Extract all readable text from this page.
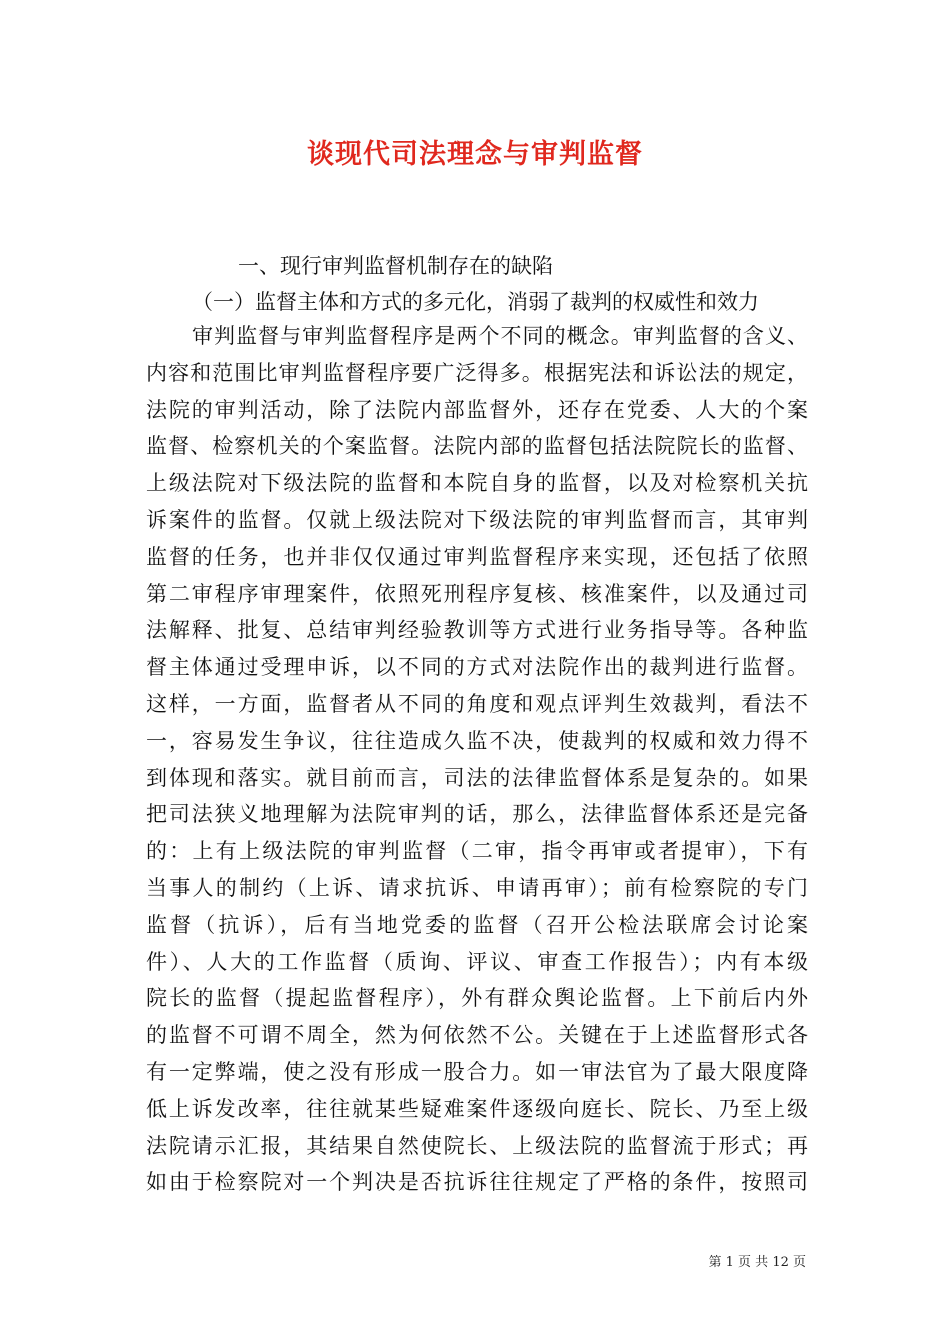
谈现代司法理念与审判监督

一、现行审判监督机制存在的缺陷

（一）监督主体和方式的多元化，消弱了裁判的权威性和效力

审判监督与审判监督程序是两个不同的概念。审判监督的含义、
内容和范围比审判监督程序要广泛得多。根据宪法和诉讼法的规定，
法院的审判活动，除了法院内部监督外，还存在党委、人大的个案
监督、检察机关的个案监督。法院内部的监督包括法院院长的监督、
上级法院对下级法院的监督和本院自身的监督，以及对检察机关抗
诉案件的监督。仅就上级法院对下级法院的审判监督而言，其审判
监督的任务，也并非仅仅通过审判监督程序来实现，还包括了依照
第二审程序审理案件，依照死刑程序复核、核准案件，以及通过司
法解释、批复、总结审判经验教训等方式进行业务指导等。各种监
督主体通过受理申诉，以不同的方式对法院作出的裁判进行监督。
这样，一方面，监督者从不同的角度和观点评判生效裁判，看法不
一，容易发生争议，往往造成久监不决，使裁判的权威和效力得不
到体现和落实。就目前而言，司法的法律监督体系是复杂的。如果
把司法狭义地理解为法院审判的话，那么，法律监督体系还是完备
的：上有上级法院的审判监督（二审，指令再审或者提审），下有
当事人的制约（上诉、请求抗诉、申请再审）；前有检察院的专门
监督（抗诉），后有当地党委的监督（召开公检法联席会讨论案
件）、人大的工作监督（质询、评议、审查工作报告）；内有本级
院长的监督（提起监督程序），外有群众舆论监督。上下前后内外
的监督不可谓不周全，然为何依然不公。关键在于上述监督形式各
有一定弊端，使之没有形成一股合力。如一审法官为了最大限度降
低上诉发改率，往往就某些疑难案件逐级向庭长、院长、乃至上级
法院请示汇报，其结果自然使院长、上级法院的监督流于形式；再
如由于检察院对一个判决是否抗诉往往规定了严格的条件，按照司

第 1 页 共 12 页
